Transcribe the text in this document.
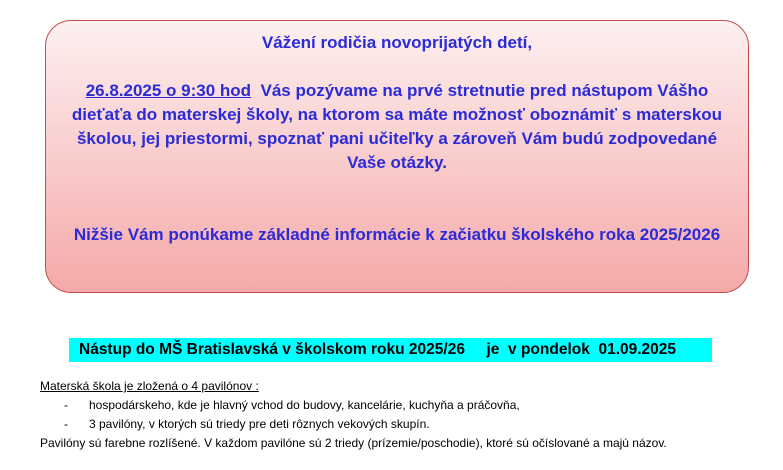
Vážení rodičia novoprijatých detí,
26.8.2025 o 9:30 hod Vás pozývame na prvé stretnutie pred nástupom Vášho dieťaťa do materskej školy, na ktorom sa máte možnosť oboznámiť s materskou školou, jej priestormi, spoznať pani učiteľky a zároveň Vám budú zodpovedané Vaše otázky.
Nižšie Vám ponúkame základné informácie k začiatku školského roka 2025/2026
Nástup do MŠ Bratislavská v školskom roku 2025/26     je  v pondelok  01.09.2025
Materská škola je zložená o 4 pavilónov :
- hospodárskeho, kde je hlavný vchod do budovy, kancelárie, kuchyňa a práčovňa,
- 3 pavilóny, v ktorých sú triedy pre deti rôznych vekových skupín.
Pavilóny sú farebne rozlíšené. V každom pavilóne sú 2 triedy (prízemie/poschodie), ktoré sú očíslované a majú názov.
